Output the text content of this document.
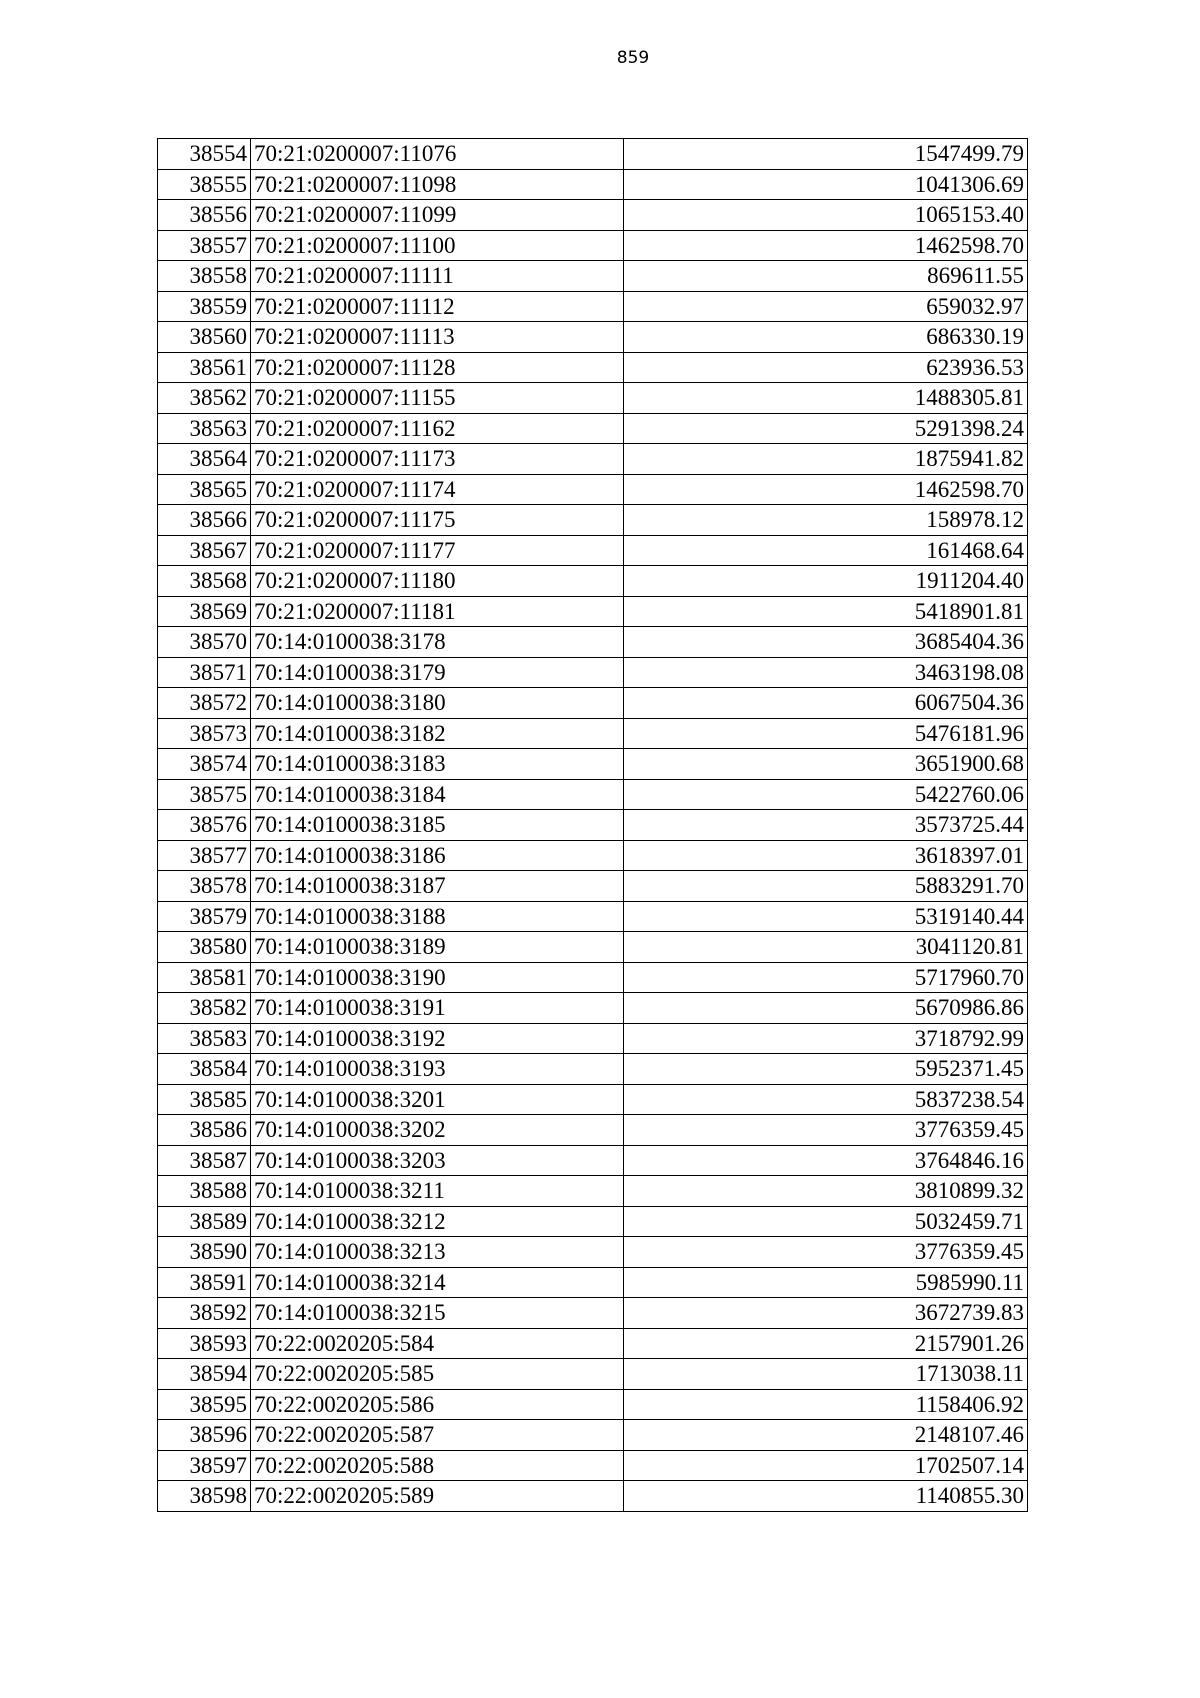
859
38554	70:21:0200007:11076	1547499.79
38555	70:21:0200007:11098	1041306.69
38556	70:21:0200007:11099	1065153.40
38557	70:21:0200007:11100	1462598.70
38558	70:21:0200007:11111	869611.55
38559	70:21:0200007:11112	659032.97
38560	70:21:0200007:11113	686330.19
38561	70:21:0200007:11128	623936.53
38562	70:21:0200007:11155	1488305.81
38563	70:21:0200007:11162	5291398.24
38564	70:21:0200007:11173	1875941.82
38565	70:21:0200007:11174	1462598.70
38566	70:21:0200007:11175	158978.12
38567	70:21:0200007:11177	161468.64
38568	70:21:0200007:11180	1911204.40
38569	70:21:0200007:11181	5418901.81
38570	70:14:0100038:3178	3685404.36
38571	70:14:0100038:3179	3463198.08
38572	70:14:0100038:3180	6067504.36
38573	70:14:0100038:3182	5476181.96
38574	70:14:0100038:3183	3651900.68
38575	70:14:0100038:3184	5422760.06
38576	70:14:0100038:3185	3573725.44
38577	70:14:0100038:3186	3618397.01
38578	70:14:0100038:3187	5883291.70
38579	70:14:0100038:3188	5319140.44
38580	70:14:0100038:3189	3041120.81
38581	70:14:0100038:3190	5717960.70
38582	70:14:0100038:3191	5670986.86
38583	70:14:0100038:3192	3718792.99
38584	70:14:0100038:3193	5952371.45
38585	70:14:0100038:3201	5837238.54
38586	70:14:0100038:3202	3776359.45
38587	70:14:0100038:3203	3764846.16
38588	70:14:0100038:3211	3810899.32
38589	70:14:0100038:3212	5032459.71
38590	70:14:0100038:3213	3776359.45
38591	70:14:0100038:3214	5985990.11
38592	70:14:0100038:3215	3672739.83
38593	70:22:0020205:584	2157901.26
38594	70:22:0020205:585	1713038.11
38595	70:22:0020205:586	1158406.92
38596	70:22:0020205:587	2148107.46
38597	70:22:0020205:588	1702507.14
38598	70:22:0020205:589	1140855.30
